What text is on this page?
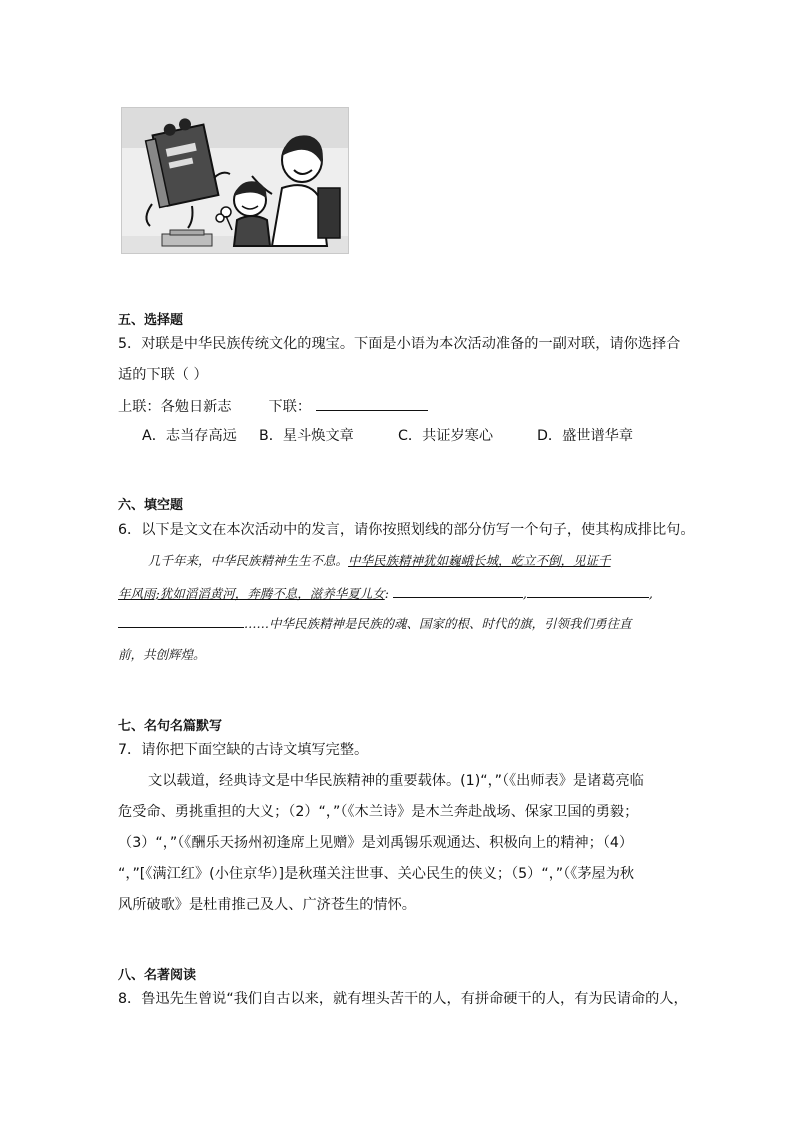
五、选择题
5．对联是中华民族传统文化的瑰宝。下面是小语为本次活动准备的一副对联，请你选择合
适的下联（ ）
上联：各勉日新志	下联：
A．志当存高远 B．星斗焕文章	C．共证岁寒心	D．盛世谱华章
六、填空题
6．以下是文文在本次活动中的发言，请你按照划线的部分仿写一个句子，使其构成排比句。
几千年来，中华民族精神生生不息。中华民族精神犹如巍峨长城，屹立不倒，见证千
年风雨;犹如滔滔黄河，奔腾不息，滋养华夏儿女:	,	,
……中华民族精神是民族的魂、国家的根、时代的旗，引领我们勇往直
前，共创辉煌。
七、名句名篇默写
7．请你把下面空缺的古诗文填写完整。
文以载道，经典诗文是中华民族精神的重要载体。(1)“，”（《出师表》是诸葛亮临
危受命、勇挑重担的大义；（2）“，”（《木兰诗》是木兰奔赴战场、保家卫国的勇毅；
（3）“，”（《酬乐天扬州初逢席上见赠》是刘禹锡乐观通达、积极向上的精神；（4）
“，”[《满江红》(小住京华）]是秋瑾关注世事、关心民生的侠义；（5）“，”（《茅屋为秋
风所破歌》是杜甫推己及人、广济苍生的情怀。
八、名著阅读
8．鲁迅先生曾说“我们自古以来，就有埋头苦干的人，有拼命硬干的人，有为民请命的人，
